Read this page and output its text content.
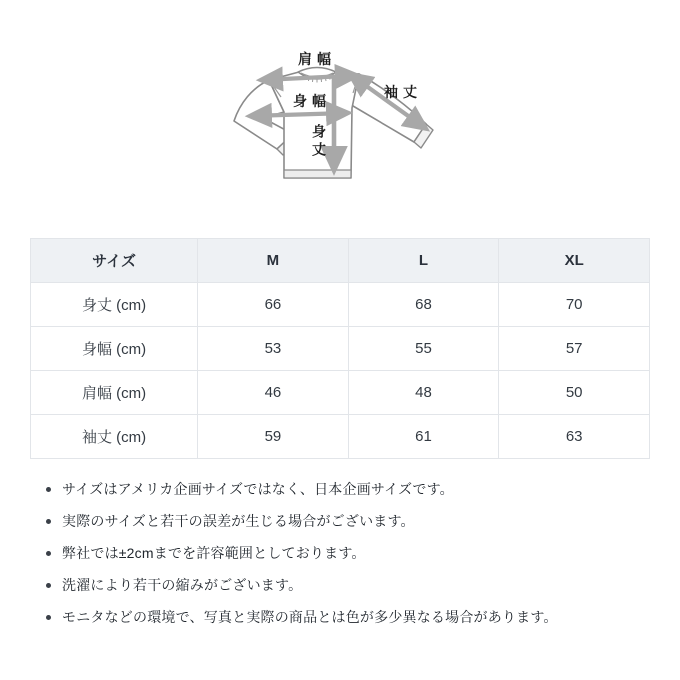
肩幅
袖丈
身幅
身丈
サイズ	M	L	XL
身丈 (cm)	66	68	70
身幅 (cm)	53	55	57
肩幅 (cm)	46	48	50
袖丈 (cm)	59	61	63
サイズはアメリカ企画サイズではなく、日本企画サイズです。
実際のサイズと若干の誤差が生じる場合がございます。
弊社では±2cmまでを許容範囲としております。
洗濯により若干の縮みがございます。
モニタなどの環境で、写真と実際の商品とは色が多少異なる場合があります。
